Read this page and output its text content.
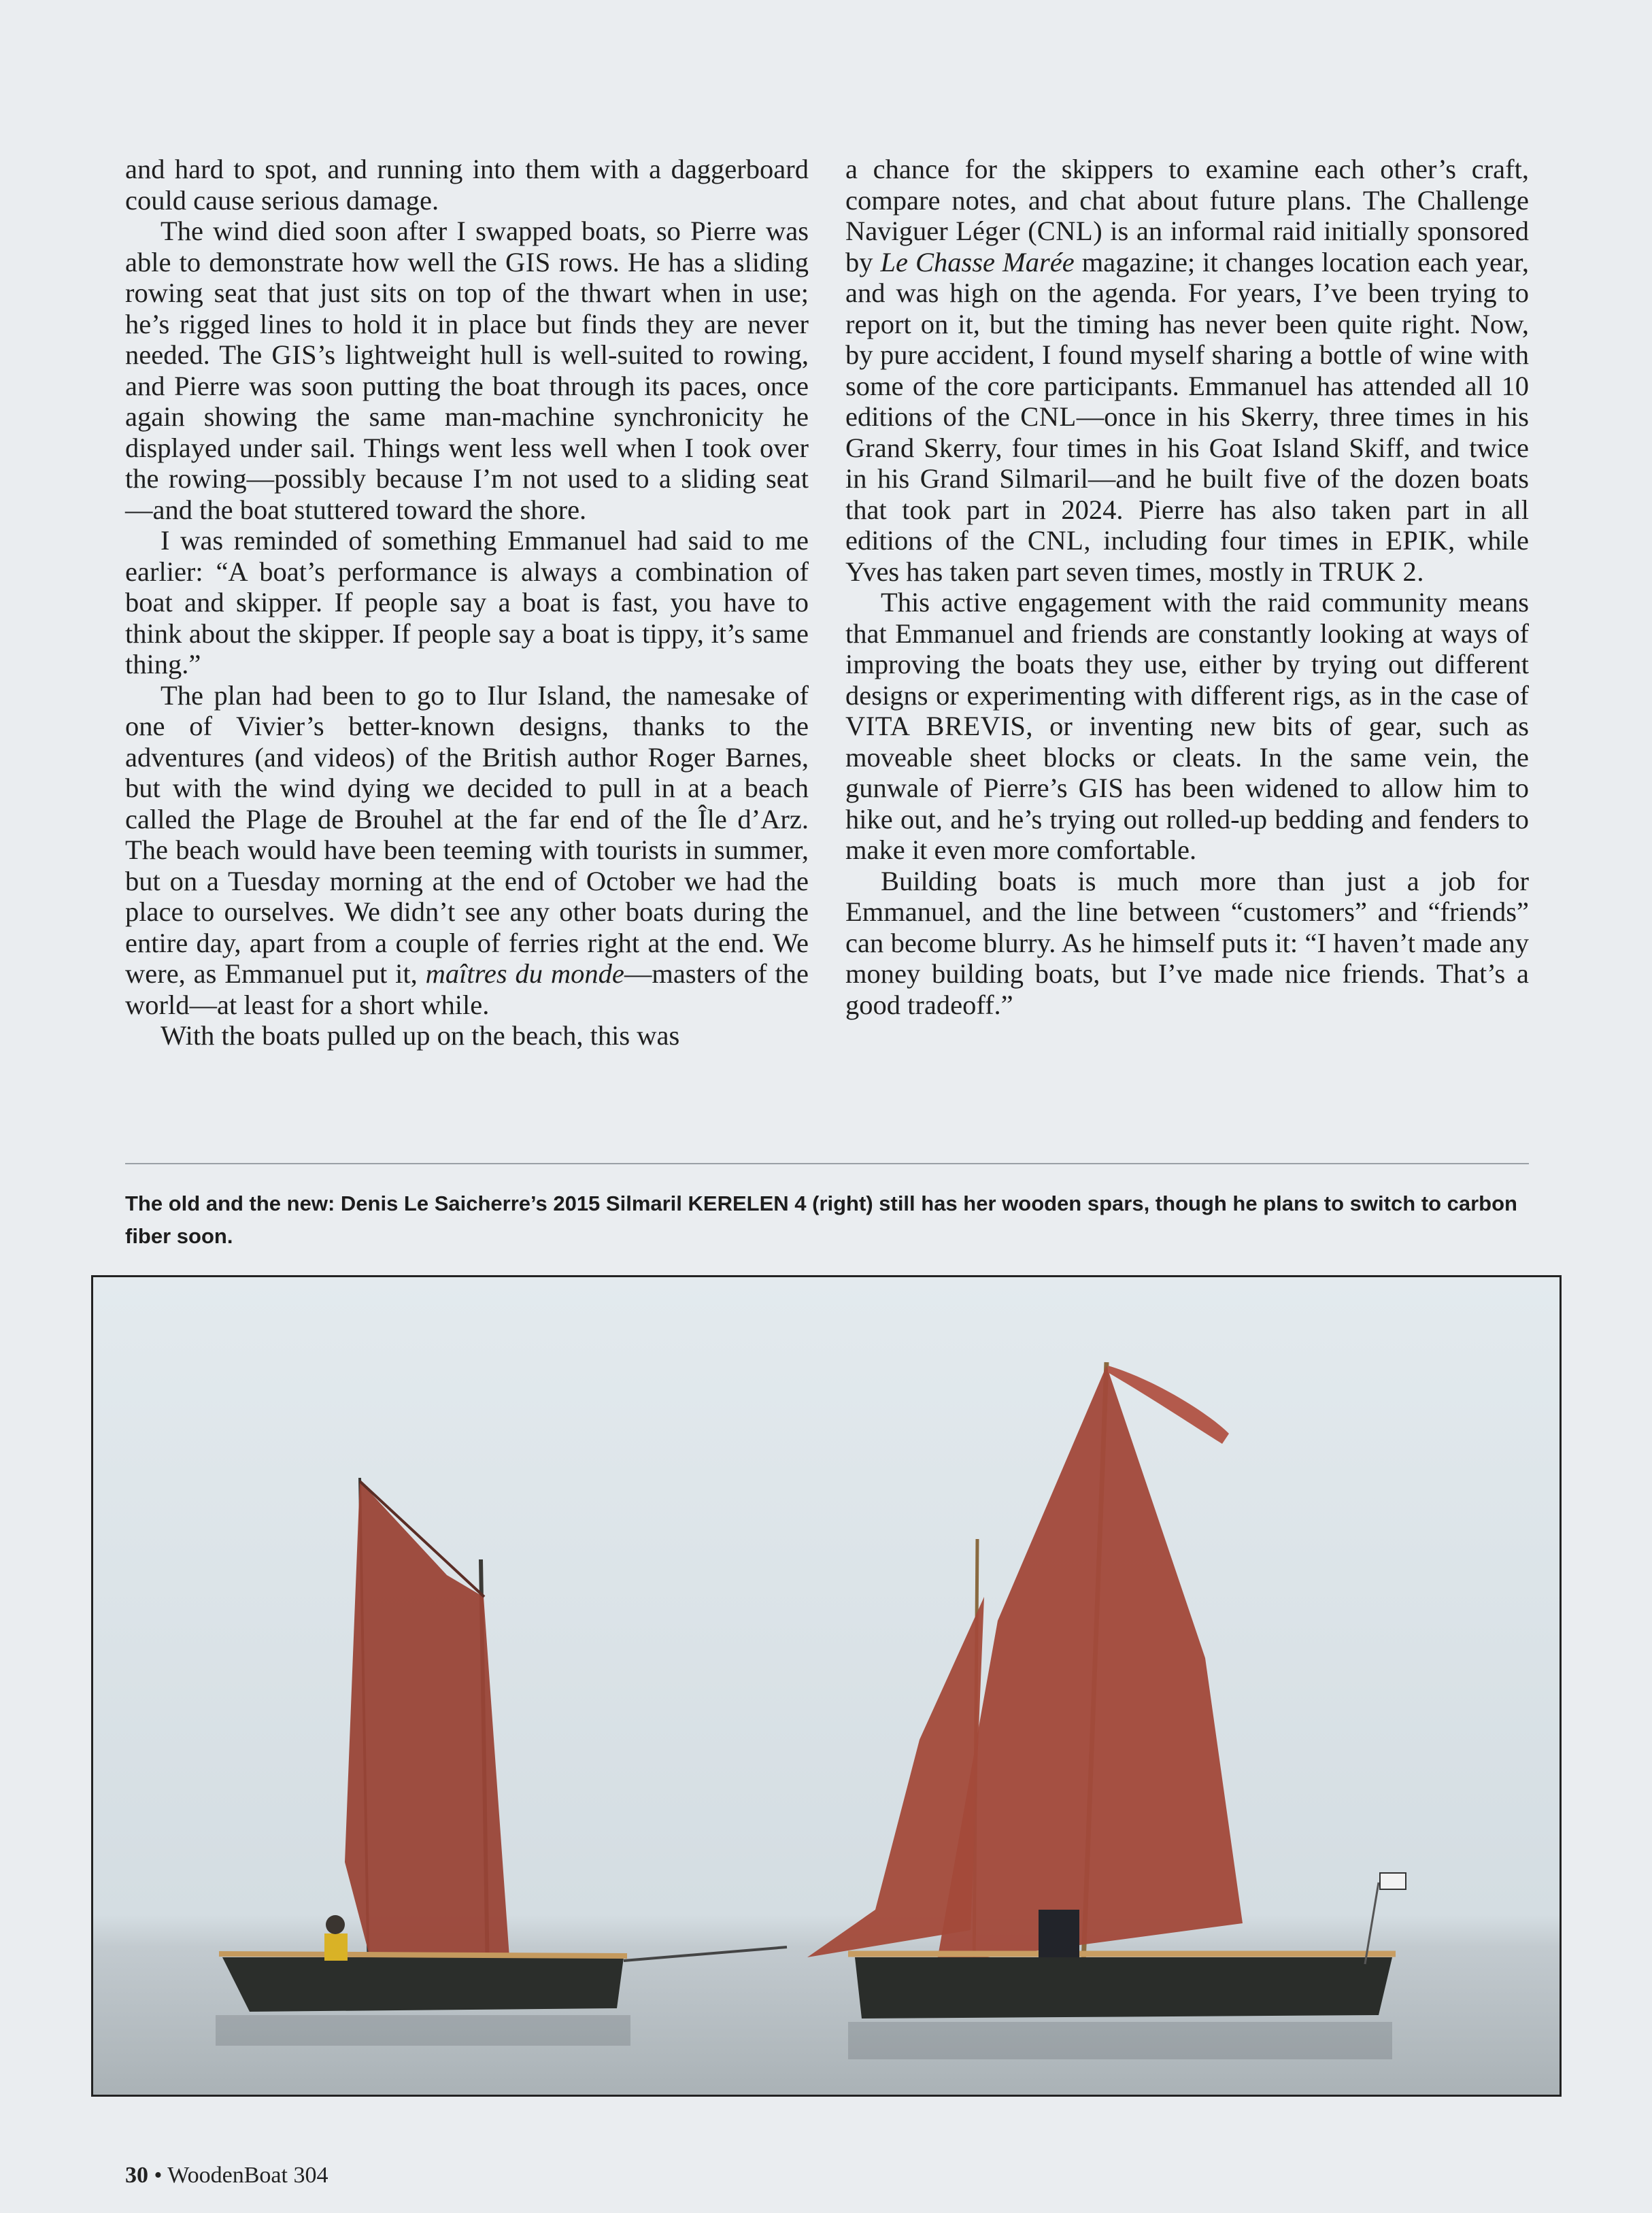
and hard to spot, and running into them with a daggerboard could cause serious damage.

The wind died soon after I swapped boats, so Pierre was able to demonstrate how well the GIS rows. He has a sliding rowing seat that just sits on top of the thwart when in use; he’s rigged lines to hold it in place but finds they are never needed. The GIS’s lightweight hull is well-suited to rowing, and Pierre was soon putting the boat through its paces, once again showing the same man-machine synchronicity he displayed under sail. Things went less well when I took over the rowing—possibly because I’m not used to a sliding seat—and the boat stuttered toward the shore.

I was reminded of something Emmanuel had said to me earlier: “A boat’s performance is always a combination of boat and skipper. If people say a boat is fast, you have to think about the skipper. If people say a boat is tippy, it’s same thing.”

The plan had been to go to Ilur Island, the namesake of one of Vivier’s better-known designs, thanks to the adventures (and videos) of the British author Roger Barnes, but with the wind dying we decided to pull in at a beach called the Plage de Brouhel at the far end of the Île d’Arz. The beach would have been teeming with tourists in summer, but on a Tuesday morning at the end of October we had the place to ourselves. We didn’t see any other boats during the entire day, apart from a couple of ferries right at the end. We were, as Emmanuel put it, maîtres du monde—masters of the world—at least for a short while.

With the boats pulled up on the beach, this was

a chance for the skippers to examine each other’s craft, compare notes, and chat about future plans. The Challenge Naviguer Léger (CNL) is an informal raid initially sponsored by Le Chasse Marée magazine; it changes location each year, and was high on the agenda. For years, I’ve been trying to report on it, but the timing has never been quite right. Now, by pure accident, I found myself sharing a bottle of wine with some of the core participants. Emmanuel has attended all 10 editions of the CNL—once in his Skerry, three times in his Grand Skerry, four times in his Goat Island Skiff, and twice in his Grand Silmaril—and he built five of the dozen boats that took part in 2024. Pierre has also taken part in all editions of the CNL, including four times in EPIK, while Yves has taken part seven times, mostly in TRUK 2.

This active engagement with the raid community means that Emmanuel and friends are constantly looking at ways of improving the boats they use, either by trying out different designs or experimenting with different rigs, as in the case of VITA BREVIS, or inventing new bits of gear, such as moveable sheet blocks or cleats. In the same vein, the gunwale of Pierre’s GIS has been widened to allow him to hike out, and he’s trying out rolled-up bedding and fenders to make it even more comfortable.

Building boats is much more than just a job for Emmanuel, and the line between “customers” and “friends” can become blurry. As he himself puts it: “I haven’t made any money building boats, but I’ve made nice friends. That’s a good tradeoff.”

The old and the new: Denis Le Saicherre’s 2015 Silmaril KERELEN 4 (right) still has her wooden spars, though he plans to switch to carbon fiber soon.
30 • WoodenBoat 304
